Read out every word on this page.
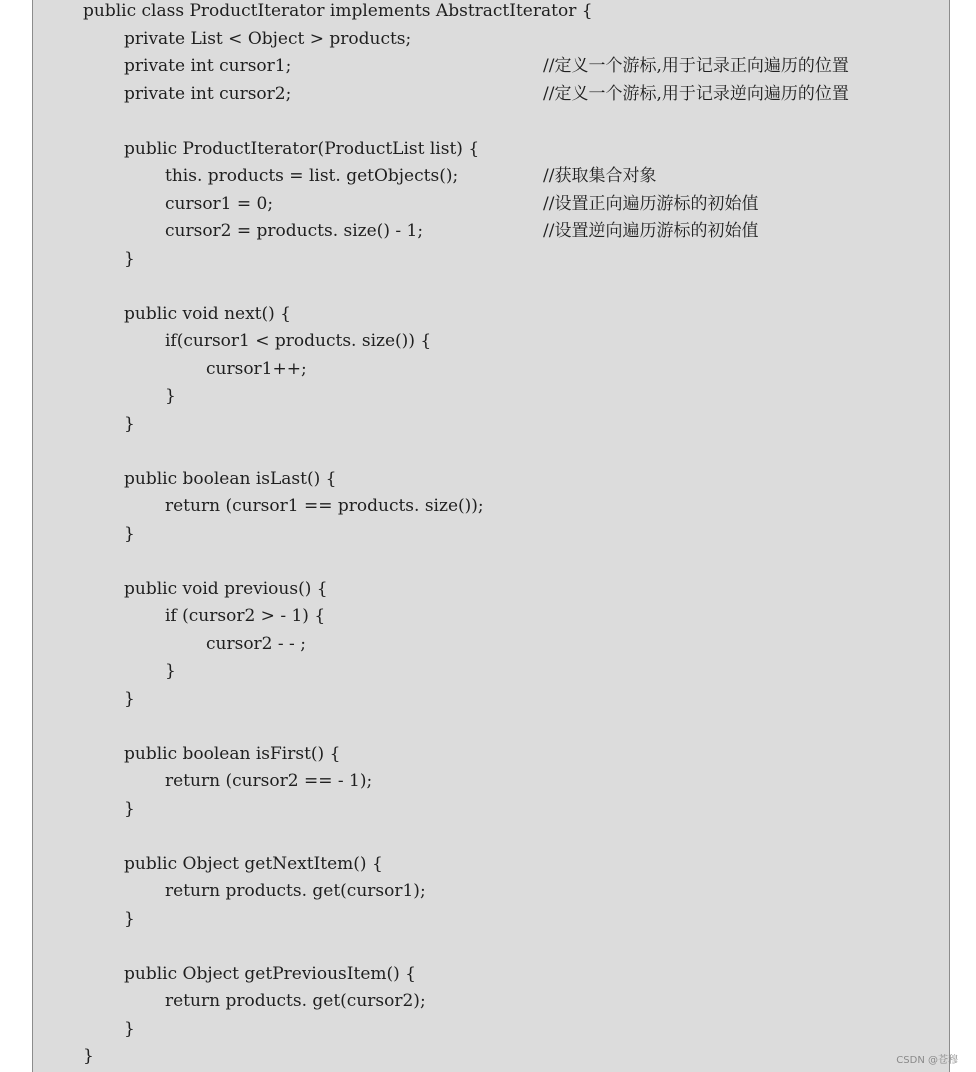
public class ProductIterator implements AbstractIterator {
private List < Object > products;
private int cursor1;	//定义一个游标,用于记录正向遍历的位置
private int cursor2;	//定义一个游标,用于记录逆向遍历的位置
public ProductIterator(ProductList list) {
this. products = list. getObjects();	//获取集合对象
cursor1 = 0;	//设置正向遍历游标的初始值
cursor2 = products. size() - 1;	//设置逆向遍历游标的初始值
}
public void next() {
if(cursor1 < products. size()) {
cursor1++;
}
}
public boolean isLast() {
return (cursor1 == products. size());
}
public void previous() {
if (cursor2 > - 1) {
cursor2 - - ;
}
}
public boolean isFirst() {
return (cursor2 == - 1);
}
public Object getNextItem() {
return products. get(cursor1);
}
public Object getPreviousItem() {
return products. get(cursor2);
}
}	CSDN @苍穆
